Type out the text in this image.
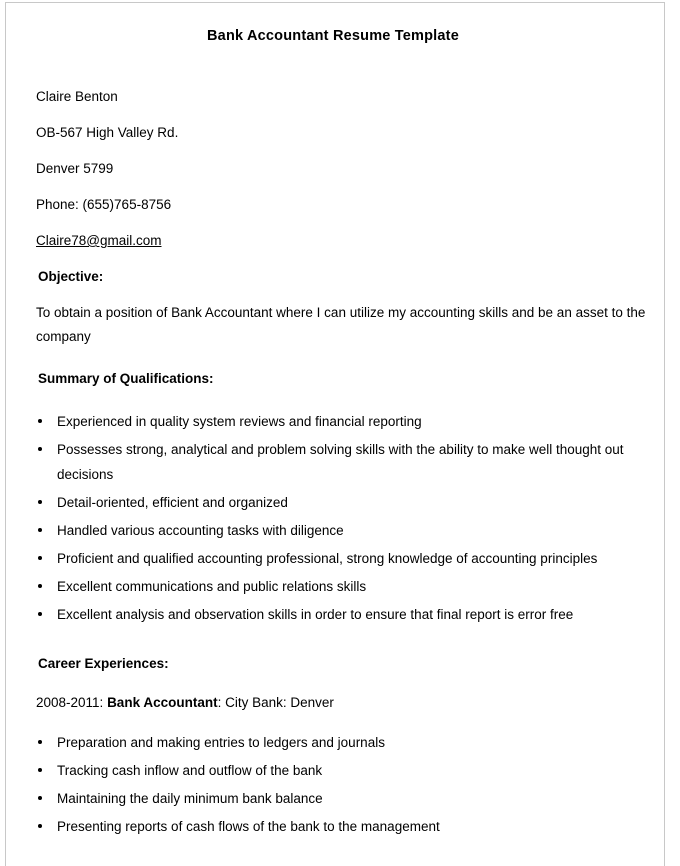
Bank Accountant Resume Template

Claire Benton

OB-567 High Valley Rd.

Denver 5799

Phone: (655)765-8756

Claire78@gmail.com

Objective:

To obtain a position of Bank Accountant where I can utilize my accounting skills and be an asset to the company

Summary of Qualifications:
Experienced in quality system reviews and financial reporting
Possesses strong, analytical and problem solving skills with the ability to make well thought out decisions
Detail-oriented, efficient and organized
Handled various accounting tasks with diligence
Proficient and qualified accounting professional, strong knowledge of accounting principles
Excellent communications and public relations skills
Excellent analysis and observation skills in order to ensure that final report is error free
Career Experiences:

2008-2011: Bank Accountant: City Bank: Denver

Preparation and making entries to ledgers and journals
Tracking cash inflow and outflow of the bank
Maintaining the daily minimum bank balance
Presenting reports of cash flows of the bank to the management
